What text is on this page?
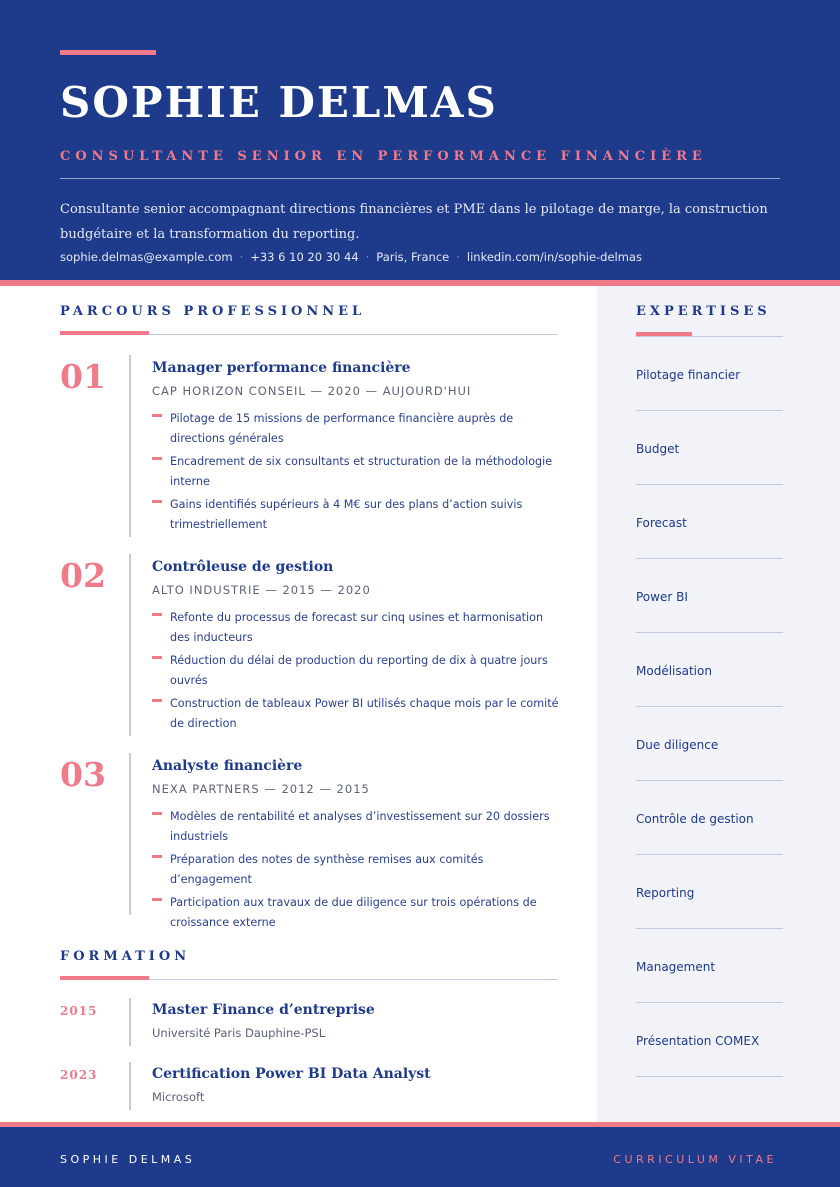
SOPHIE DELMAS
CONSULTANTE SENIOR EN PERFORMANCE FINANCIÈRE
Consultante senior accompagnant directions financières et PME dans le pilotage de marge, la construction budgétaire et la transformation du reporting.
sophie.delmas@example.com · +33 6 10 20 30 44 · Paris, France · linkedin.com/in/sophie-delmas
EXPERTISES
Pilotage financier
Budget
Forecast
Power BI
Modélisation
Due diligence
Contrôle de gestion
Reporting
Management
Présentation COMEX
PARCOURS PROFESSIONNEL
01	Manager performance financière
CAP HORIZON CONSEIL — 2020 — AUJOURD'HUI
Pilotage de 15 missions de performance financière auprès de directions générales
Encadrement de six consultants et structuration de la méthodologie interne
Gains identifiés supérieurs à 4 M€ sur des plans d’action suivis trimestriellement
02	Contrôleuse de gestion
ALTO INDUSTRIE — 2015 — 2020
Refonte du processus de forecast sur cinq usines et harmonisation des inducteurs
Réduction du délai de production du reporting de dix à quatre jours ouvrés
Construction de tableaux Power BI utilisés chaque mois par le comité de direction
03	Analyste financière
NEXA PARTNERS — 2012 — 2015
Modèles de rentabilité et analyses d’investissement sur 20 dossiers industriels
Préparation des notes de synthèse remises aux comités d’engagement
Participation aux travaux de due diligence sur trois opérations de croissance externe
FORMATION
2015	Master Finance d’entreprise
Université Paris Dauphine-PSL
2023	Certification Power BI Data Analyst
Microsoft
SOPHIE DELMAS	CURRICULUM VITAE
